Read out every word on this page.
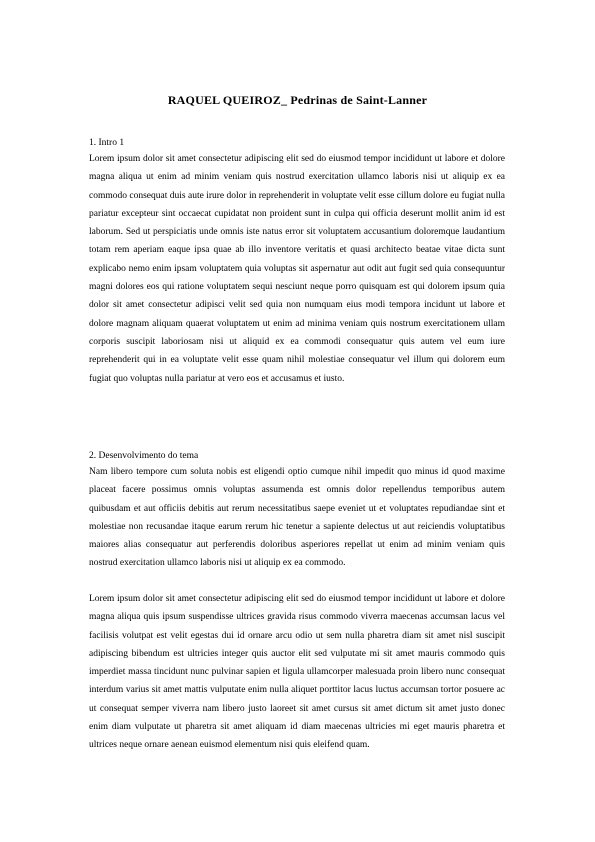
RAQUEL QUEIROZ_ Pedrinas de Saint-Lanner
1. Intro 1
Lorem ipsum dolor sit amet consectetur adipiscing elit sed do eiusmod tempor incididunt ut labore et dolore magna aliqua ut enim ad minim veniam quis nostrud exercitation ullamco laboris nisi ut aliquip ex ea commodo consequat duis aute irure dolor in reprehenderit in voluptate velit esse cillum dolore eu fugiat nulla pariatur excepteur sint occaecat cupidatat non proident sunt in culpa qui officia deserunt mollit anim id est laborum. Sed ut perspiciatis unde omnis iste natus error sit voluptatem accusantium doloremque laudantium totam rem aperiam eaque ipsa quae ab illo inventore veritatis et quasi architecto beatae vitae dicta sunt explicabo nemo enim ipsam voluptatem quia voluptas sit aspernatur aut odit aut fugit sed quia consequuntur magni dolores eos qui ratione voluptatem sequi nesciunt neque porro quisquam est qui dolorem ipsum quia dolor sit amet consectetur adipisci velit sed quia non numquam eius modi tempora incidunt ut labore et dolore magnam aliquam quaerat voluptatem ut enim ad minima veniam quis nostrum exercitationem ullam corporis suscipit laboriosam nisi ut aliquid ex ea commodi consequatur quis autem vel eum iure reprehenderit qui in ea voluptate velit esse quam nihil molestiae consequatur vel illum qui dolorem eum fugiat quo voluptas nulla pariatur at vero eos et accusamus et iusto.
2. Desenvolvimento do tema
Nam libero tempore cum soluta nobis est eligendi optio cumque nihil impedit quo minus id quod maxime placeat facere possimus omnis voluptas assumenda est omnis dolor repellendus temporibus autem quibusdam et aut officiis debitis aut rerum necessitatibus saepe eveniet ut et voluptates repudiandae sint et molestiae non recusandae itaque earum rerum hic tenetur a sapiente delectus ut aut reiciendis voluptatibus maiores alias consequatur aut perferendis doloribus asperiores repellat ut enim ad minim veniam quis nostrud exercitation ullamco laboris nisi ut aliquip ex ea commodo.
Lorem ipsum dolor sit amet consectetur adipiscing elit sed do eiusmod tempor incididunt ut labore et dolore magna aliqua quis ipsum suspendisse ultrices gravida risus commodo viverra maecenas accumsan lacus vel facilisis volutpat est velit egestas dui id ornare arcu odio ut sem nulla pharetra diam sit amet nisl suscipit adipiscing bibendum est ultricies integer quis auctor elit sed vulputate mi sit amet mauris commodo quis imperdiet massa tincidunt nunc pulvinar sapien et ligula ullamcorper malesuada proin libero nunc consequat interdum varius sit amet mattis vulputate enim nulla aliquet porttitor lacus luctus accumsan tortor posuere ac ut consequat semper viverra nam libero justo laoreet sit amet cursus sit amet dictum sit amet justo donec enim diam vulputate ut pharetra sit amet aliquam id diam maecenas ultricies mi eget mauris pharetra et ultrices neque ornare aenean euismod elementum nisi quis eleifend quam.
